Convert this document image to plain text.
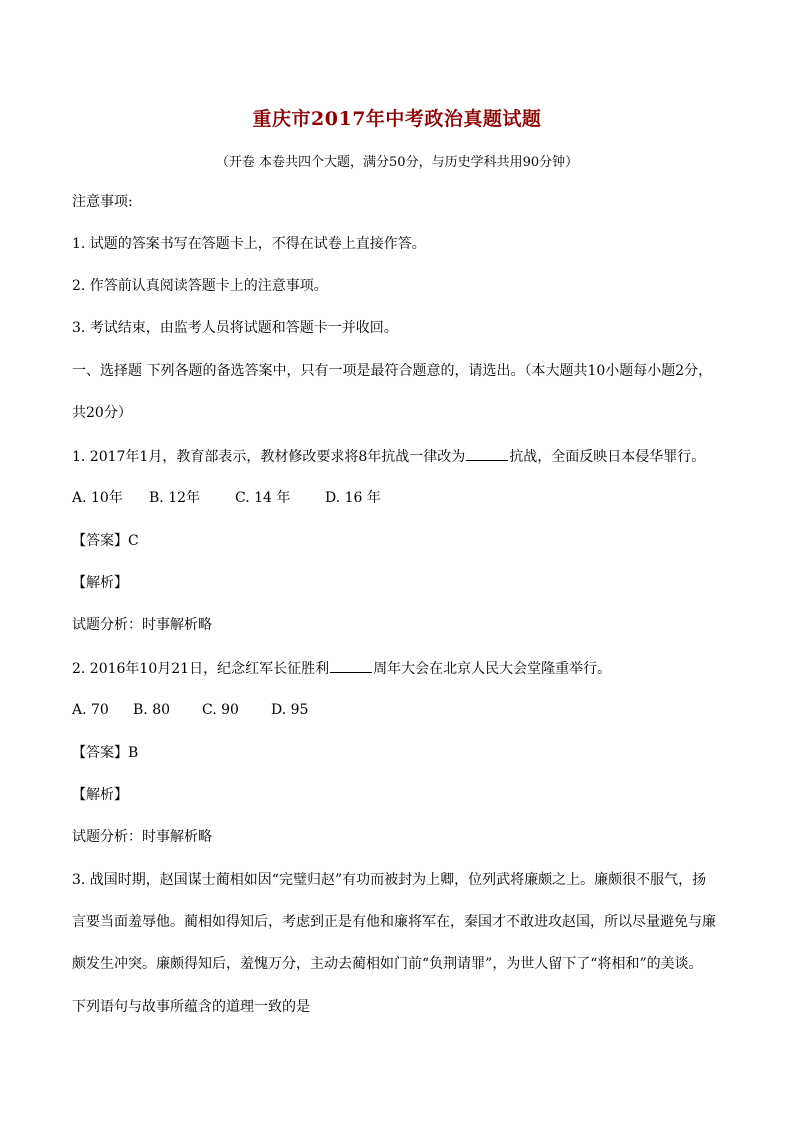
重庆市2017年中考政治真题试题
（开卷 本卷共四个大题，满分50分，与历史学科共用90分钟）
注意事项:
1. 试题的答案书写在答题卡上，不得在试卷上直接作答。
2. 作答前认真阅读答题卡上的注意事项。
3. 考试结束，由监考人员将试题和答题卡一并收回。
一、选择题 下列各题的备选答案中，只有一项是最符合题意的，请选出。（本大题共10小题每小题2分，
共20分）
1. 2017年1月，教育部表示，教材修改要求将8年抗战一律改为	抗战，全面反映日本侵华罪行。
A. 10年 B. 12年 C. 14 年 D. 16 年
【答案】C
【解析】
试题分析：时事解析略
2. 2016年10月21日，纪念红军长征胜利	周年大会在北京人民大会堂隆重举行。
A. 70 B. 80 C. 90 D. 95
【答案】B
【解析】
试题分析：时事解析略
3. 战国时期，赵国谋士蔺相如因“完璧归赵”有功而被封为上卿，位列武将廉颇之上。廉颇很不服气，扬
言要当面羞辱他。蔺相如得知后，考虑到正是有他和廉将军在，秦国才不敢进攻赵国，所以尽量避免与廉
颇发生冲突。廉颇得知后，羞愧万分，主动去蔺相如门前“负荆请罪”，为世人留下了“将相和”的美谈。
下列语句与故事所蕴含的道理一致的是
